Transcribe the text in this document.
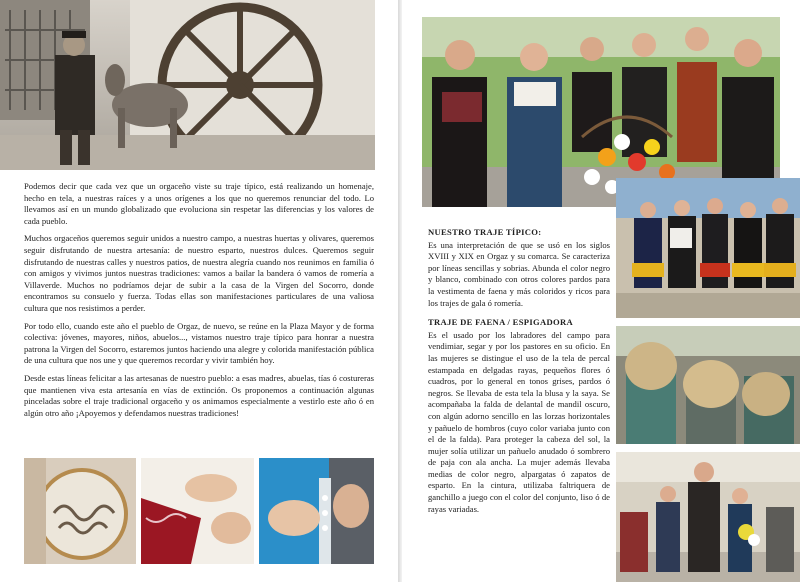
Podemos decir que cada vez que un orgaceño viste su traje típico, está realizando un homenaje, hecho en tela, a nuestras raíces y a unos orígenes a los que no queremos renunciar del todo. Lo llevamos así en un mundo globalizado que evoluciona sin respetar las diferencias y los valores de cada pueblo.

Muchos orgaceños queremos seguir unidos a nuestro campo, a nuestras huertas y olivares, queremos seguir disfrutando de nuestra artesanía: de nuestro esparto, nuestros dulces. Queremos seguir disfrutando de nuestras calles y nuestros patios, de nuestra alegría cuando nos reunimos en familia ó con amigos y vivimos juntos nuestras tradiciones: vamos a bailar la bandera ó vamos de romería a Villaverde. Muchos no podríamos dejar de subir a la casa de la Virgen del Socorro, donde encontramos su consuelo y fuerza. Todas ellas son manifestaciones particulares de una valiosa cultura que nos resistimos a perder.

Por todo ello, cuando este año el pueblo de Orgaz, de nuevo, se reúne en la Plaza Mayor y de forma colectiva: jóvenes, mayores, niños, abuelos..., vistamos nuestro traje típico para honrar a nuestra patrona la Virgen del Socorro, estaremos juntos haciendo una alegre y colorida manifestación pública de una cultura que nos une y que queremos recordar y vivir también hoy.

Desde estas líneas felicitar a las artesanas de nuestro pueblo: a esas madres, abuelas, tías ó costureras que mantienen viva esta artesanía en vías de extinción. Os proponemos a continuación algunas pinceladas sobre el traje tradicional orgaceño y os animamos especialmente a vestirlo este año ó en algún otro año ¡Apoyemos y defendamos nuestras tradiciones!

NUESTRO TRAJE TÍPICO:
Es una interpretación de que se usó en los siglos XVIII y XIX en Orgaz y su comarca. Se caracteriza por líneas sencillas y sobrias. Abunda el color negro y blanco, combinado con otros colores pardos para la vestimenta de faena y más coloridos y ricos para los trajes de gala ó romería.
TRAJE DE FAENA / ESPIGADORA
Es el usado por los labradores del campo para vendimiar, segar y por los pastores en su oficio. En las mujeres se distingue el uso de la tela de percal estampada en delgadas rayas, pequeños flores ó cuadros, por lo general en tonos grises, pardos ó negros. Se llevaba de esta tela la blusa y la saya. Se acompañaba la falda de delantal de mandil oscuro, con algún adorno sencillo en las lorzas horizontales y pañuelo de hombros (cuyo color variaba junto con el de la falda). Para proteger la cabeza del sol, la mujer solía utilizar un pañuelo anudado ó sombrero de paja con ala ancha. La mujer además llevaba medias de color negro, alpargatas ó zapatos de esparto. En la cintura, utilizaba faltriquera de ganchillo a juego con el color del conjunto, liso ó de rayas variadas.
